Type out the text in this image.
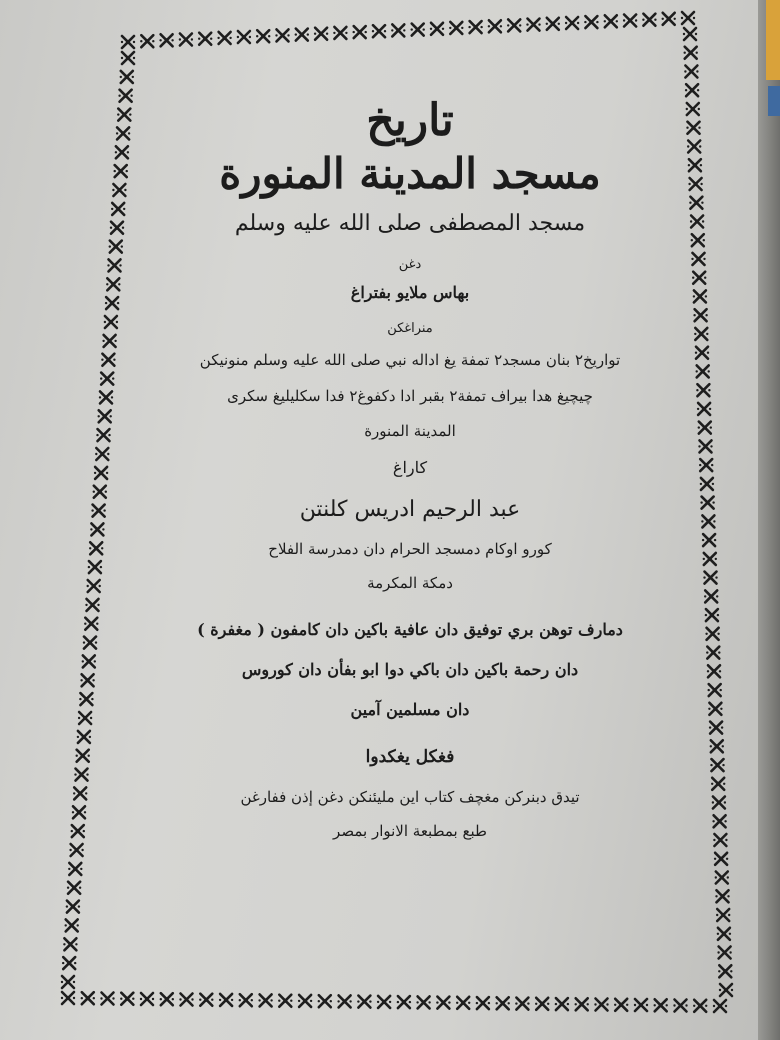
تاريخ
مسجد المدينة المنورة
مسجد المصطفى صلى الله عليه وسلم
دغن
بهاس ملايو بفتراغ
منراغكن
تواريخ٢ بنان مسجد٢ تمفة يغ اداله نبي صلى الله عليه وسلم منونيكن
چيچيغ هدا بيراف تمفة٢ بقبر ادا دكفوغ٢ فدا سكليليغ سكرى
المدينة المنورة
كاراغ
عبد الرحيم ادريس كلنتن
كورو اوكام دمسجد الحرام دان دمدرسة الفلاح
دمكة المكرمة
دمارف توهن بري توفيق دان عافية باكين دان كامفون ( مغفرة )
دان رحمة باكين دان باكي دوا ابو بفأن دان كوروس
دان مسلمين آمين
فغكل يغكدوا
تيدق دبنركن مغچف كتاب اين مليئنكن دغن إذن ففارغن
طبع بمطبعة الانوار بمصر
